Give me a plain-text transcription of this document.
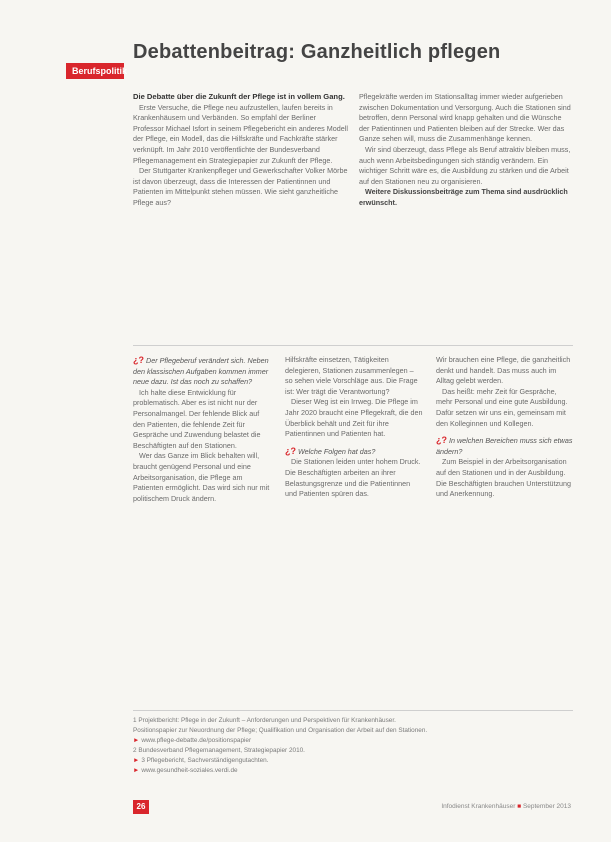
Debattenbeitrag: Ganzheitlich pflegen
Berufspolitik

Die Debatte über die Zukunft der Pflege ist in vollem Gang.

Erste Versuche, die Pflege neu aufzustellen, laufen bereits in Krankenhäusern und Verbänden. So empfahl der Berliner Professor Michael Isfort in seinem Pflegebericht ein anderes Modell der Pflege, ein Modell, das die Hilfskräfte und Fachkräfte stärker verknüpft. Im Jahr 2010 veröffentlichte der Bundesverband Pflegemanagement ein Strategiepapier zur Zukunft der Pflege.

Der Stuttgarter Krankenpfleger und Gewerkschafter Volker Mörbe ist davon überzeugt, dass die Interessen der Patientinnen und Patienten im Mittelpunkt stehen müssen. Wie sieht ganzheitliche Pflege aus?

Pflegekräfte werden im Stationsalltag immer wieder aufgerieben zwischen Dokumentation und Versorgung. Auch die Stationen sind betroffen, denn Personal wird knapp gehalten und die Wünsche der Patientinnen und Patienten bleiben auf der Strecke. Wer das Ganze sehen will, muss die Zusammenhänge kennen.

Wir sind überzeugt, dass Pflege als Beruf attraktiv bleiben muss, auch wenn Arbeitsbedingungen sich ständig verändern. Ein wichtiger Schritt wäre es, die Ausbildung zu stärken und die Arbeit auf den Stationen neu zu organisieren.

Weitere Diskussionsbeiträge zum Thema sind ausdrücklich erwünscht.

¿? Der Pflegeberuf verändert sich. Neben den klassischen Aufgaben kommen immer neue dazu. Ist das noch zu schaffen?

Ich halte diese Entwicklung für problematisch. Aber es ist nicht nur der Personalmangel. Der fehlende Blick auf den Patienten, die fehlende Zeit für Gespräche und Zuwendung belastet die Beschäftigten auf den Stationen.

Wer das Ganze im Blick behalten will, braucht genügend Personal und eine Arbeitsorganisation, die Pflege am Patienten ermöglicht. Das wird sich nur mit politischem Druck ändern.

Hilfskräfte einsetzen, Tätigkeiten delegieren, Stationen zusammenlegen – so sehen viele Vorschläge aus. Die Frage ist: Wer trägt die Verantwortung?

Dieser Weg ist ein Irrweg. Die Pflege im Jahr 2020 braucht eine Pflegekraft, die den Überblick behält und Zeit für ihre Patientinnen und Patienten hat.

¿? Welche Folgen hat das?

Die Stationen leiden unter hohem Druck. Die Beschäftigten arbeiten an ihrer Belastungsgrenze und die Patientinnen und Patienten spüren das.

Wir brauchen eine Pflege, die ganzheitlich denkt und handelt. Das muss auch im Alltag gelebt werden.

Das heißt: mehr Zeit für Gespräche, mehr Personal und eine gute Ausbildung. Dafür setzen wir uns ein, gemeinsam mit den Kolleginnen und Kollegen.

¿? In welchen Bereichen muss sich etwas ändern?

Zum Beispiel in der Arbeitsorganisation auf den Stationen und in der Ausbildung. Die Beschäftigten brauchen Unterstützung und Anerkennung.

1 Projektbericht: Pflege in der Zukunft – Anforderungen und Perspektiven für Krankenhäuser.
Positionspapier zur Neuordnung der Pflege; Qualifikation und Organisation der Arbeit auf den Stationen.
► www.pflege-debatte.de/positionspapier
2 Bundesverband Pflegemanagement, Strategiepapier 2010.
► 3 Pflegebericht, Sachverständigengutachten.
► www.gesundheit-soziales.verdi.de
26	Infodienst Krankenhäuser ■ September 2013
